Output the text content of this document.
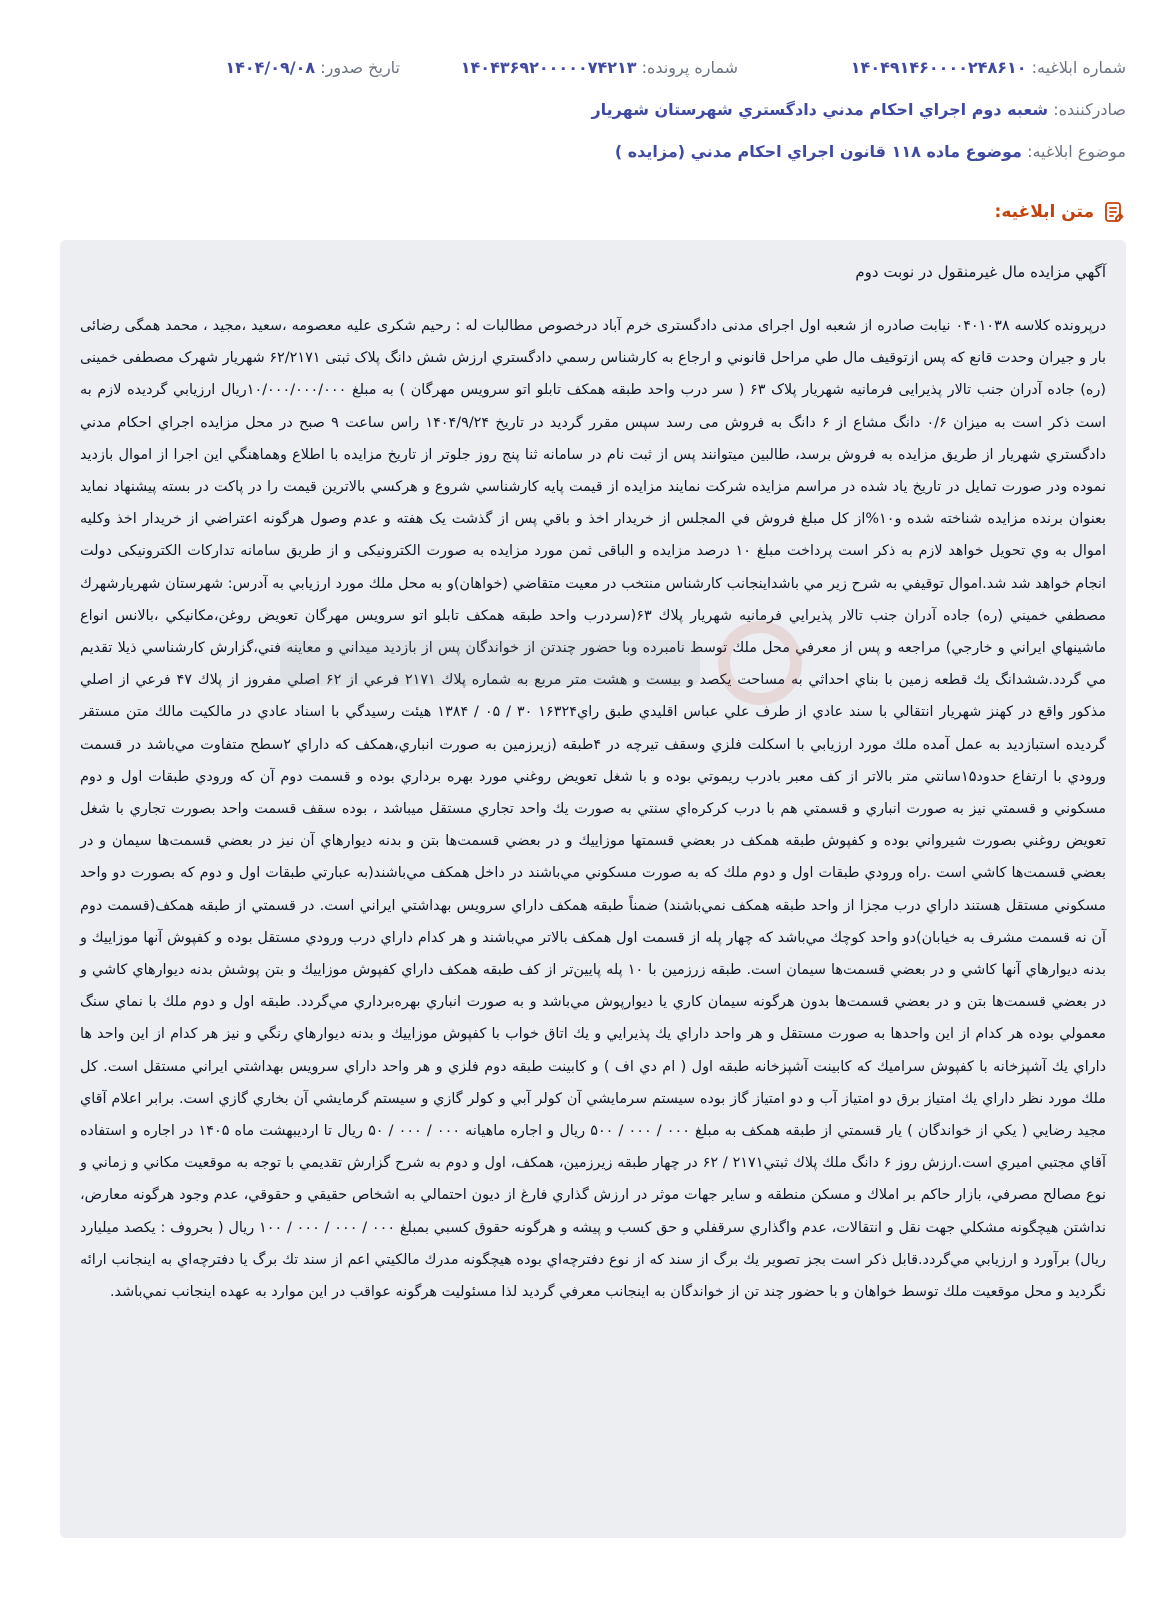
شماره ابلاغیه: ۱۴۰۴۹۱۴۶۰۰۰۰۲۴۸۶۱۰
شماره پرونده: ۱۴۰۴۳۶۹۲۰۰۰۰۰۷۴۲۱۳
تاریخ صدور: ۱۴۰۴/۰۹/۰۸
صادرکننده: شعبه دوم اجراي احكام مدني دادگستري شهرستان شهريار
موضوع ابلاغیه: موضوع ماده ۱۱۸ قانون اجراي احكام مدني (مزايده )
متن ابلاغیه:

آگهي مزايده مال غيرمنقول در نوبت دوم

درپرونده كلاسه ۰۴۰۱۰۳۸ نيابت صادره از شعبه اول اجرای مدنی دادگستری خرم آباد درخصوص مطالبات له : رحیم شکری علیه معصومه ،سعید ،مجید ، محمد همگی رضائی بار و جیران وحدت قانع كه پس ازتوقيف مال طي مراحل قانوني و ارجاع به كارشناس رسمي دادگستري ارزش شش دانگ پلاک ثبتی ۶۲/۲۱۷۱ شهریار شهرک مصطفی خمینی (ره) جاده آدران جنب تالار پذیرایی فرمانیه شهریار پلاک ۶۳ ( سر درب واحد طبقه همکف تابلو اتو سرویس مهرگان ) به مبلغ ۱۰/۰۰۰/۰۰۰/۰۰۰ریال ارزيابي گرديده لازم به است ذکر است به میزان ۰/۶ دانگ مشاع از ۶ دانگ به فروش می رسد سپس مقرر گرديد در تاريخ ۱۴۰۴/۹/۲۴ راس ساعت ۹ صبح در محل مزايده اجراي احكام مدني دادگستري شهريار از طريق مزايده به فروش برسد، طالبين ميتوانند پس از ثبت نام در سامانه ثنا پنج روز جلوتر از تاريخ مزايده با اطلاع وهماهنگي اين اجرا از اموال بازديد نموده ودر صورت تمايل در تاريخ ياد شده در مراسم مزايده شركت نمايند مزايده از قيمت پايه كارشناسي شروع و هركسي بالاترين قيمت را در پاکت در بسته پيشنهاد نمايد بعنوان برنده مزايده شناخته شده و۱۰%از كل مبلغ فروش في المجلس از خريدار اخذ و باقي پس از گذشت یک هفته و عدم وصول هرگونه اعتراضي از خريدار اخذ وكليه اموال به وي تحويل خواهد لازم به ذکر است پرداخت مبلغ ۱۰ درصد مزایده و الباقی ثمن مورد مزایده به صورت الکترونیکی و از طریق سامانه تدارکات الکترونیکی دولت انجام خواهد شد شد.اموال توقيفي به شرح زير مي باشداينجانب كارشناس منتخب در معيت متقاضي (خواهان)و به محل ملك مورد ارزيابي به آدرس: شهرستان شهريارشهرك مصطفي خميني (ره) جاده آدران جنب تالار پذيرايي فرمانيه شهريار پلاك ۶۳(سردرب واحد طبقه همكف تابلو اتو سرويس مهرگان تعويض روغن،مكانيكي ،بالانس انواع ماشينهاي ايراني و خارجي) مراجعه و پس از معرفي محل ملك توسط نامبرده وبا حضور چندتن از خواندگان پس از بازديد ميداني و معاينه فني،گزارش كارشناسي ذيلا تقديم مي گردد.ششدانگ يك قطعه زمين با بناي احداثي به مساحت يكصد و بيست و هشت متر مربع به شماره پلاك ۲۱۷۱ فرعي از ۶۲ اصلي مفروز از پلاك ۴۷ فرعي از اصلي مذكور واقع در كهنز شهريار انتقالي با سند عادي از طرف علي عباس اقليدي طبق راي۱۶۳۲۴ ۳۰ / ۰۵ / ۱۳۸۴ هيئت رسيدگي با اسناد عادي در مالكيت مالك متن مستقر گرديده استبازديد به عمل آمده ملك مورد ارزيابي با اسكلت فلزي وسقف تيرچه در ۴طبقه (زيرزمين به صورت انباري،همكف كه داراي ۲سطح متفاوت مي‌باشد در قسمت ورودي با ارتفاع حدود۱۵سانتي متر بالاتر از كف معبر بادرب ريموتي بوده و با شغل تعويض روغني مورد بهره برداري بوده و قسمت دوم آن كه ورودي طبقات اول و دوم مسكوني و قسمتي نيز به صورت انباري و قسمتي هم با درب كركره‌اي سنتي به صورت يك واحد تجاري مستقل ميباشد ، بوده سقف قسمت واحد بصورت تجاري با شغل تعويض روغني بصورت شيرواني بوده و كفپوش طبقه همكف در بعضي قسمتها موزاييك و در بعضي قسمت‌ها بتن و بدنه ديوارهاي آن نيز در بعضي قسمت‌ها سيمان و در بعضي قسمت‌ها كاشي است .راه ورودي طبقات اول و دوم ملك كه به صورت مسكوني مي‌باشند در داخل همكف مي‌باشند(به عبارتي طبقات اول و دوم كه بصورت دو واحد مسكوني مستقل هستند داراي درب مجزا از واحد طبقه همكف نمي‌باشند) ضمناً طبقه همكف داراي سرويس بهداشتي ايراني است. در قسمتي از طبقه همكف(قسمت دوم آن نه قسمت مشرف به خيابان)دو واحد كوچك مي‌باشد كه چهار پله از قسمت اول همكف بالاتر مي‌باشند و هر كدام داراي درب ورودي مستقل بوده و كفپوش آنها موزاييك و بدنه ديوارهاي آنها كاشي و در بعضي قسمت‌ها سيمان است. طبقه زرزمين با ۱۰ پله پايين‌تر از كف طبقه همكف داراي كفپوش موزاييك و بتن پوشش بدنه ديوارهاي كاشي و در بعضي قسمت‌ها بتن و در بعضي قسمت‌ها بدون هرگونه سيمان كاري يا ديوارپوش مي‌باشد و به صورت انباري بهره‌برداري مي‌گردد. طبقه اول و دوم ملك با نماي سنگ معمولي بوده هر كدام از اين واحدها به صورت مستقل و هر واحد داراي يك پذيرايي و يك اتاق خواب با كفپوش موزاييك و بدنه ديوارهاي رنگي و نيز هر كدام از اين واحد ها داراي يك آشپزخانه با كفپوش سراميك كه كابينت آشپزخانه طبقه اول ( ام دي اف ) و كابينت طبقه دوم فلزي و هر واحد داراي سرويس بهداشتي ايراني مستقل است. كل ملك مورد نظر داراي يك امتياز برق دو امتياز آب و دو امتياز گاز بوده سيستم سرمايشي آن كولر آبي و كولر گازي و سيستم گرمايشي آن بخاري گازي است. برابر اعلام آقاي مجيد رضايي ( يكي از خواندگان ) يار قسمتي از طبقه همكف به مبلغ ۰۰۰ / ۰۰۰ / ۵۰۰ ريال و اجاره ماهيانه ۰۰۰ / ۰۰۰ / ۵۰ ريال تا ارديبهشت ماه ۱۴۰۵ در اجاره و استفاده آقاي مجتبي اميري است.ارزش روز ۶ دانگ ملك پلاك ثبتي۲۱۷۱ / ۶۲ در چهار طبقه زيرزمين، همكف، اول و دوم به شرح گزارش تقديمي با توجه به موقعيت مكاني و زماني و نوع مصالح مصرفي، بازار حاكم بر املاك و مسكن منطقه و ساير جهات موثر در ارزش گذاري فارغ از ديون احتمالي به اشخاص حقيقي و حقوقي، عدم وجود هرگونه معارض، نداشتن هيچگونه مشكلي جهت نقل و انتقالات، عدم واگذاري سرقفلي و حق كسب و پيشه و هرگونه حقوق كسبي بمبلغ ۰۰۰ / ۰۰۰ / ۰۰۰ / ۱۰۰ ريال ( بحروف : يكصد ميليارد ريال) برآورد و ارزيابي مي‌گردد.قابل ذكر است بجز تصوير يك برگ از سند كه از نوع دفترچه‌اي بوده هيچگونه مدرك مالكيتي اعم از سند تك برگ يا دفترچه‌اي به اينجانب ارائه نگرديد و محل موقعيت ملك توسط خواهان و با حضور چند تن از خواندگان به اينجانب معرفي گرديد لذا مسئوليت هرگونه عواقب در اين موارد به عهده اينجانب نمي‌باشد.
